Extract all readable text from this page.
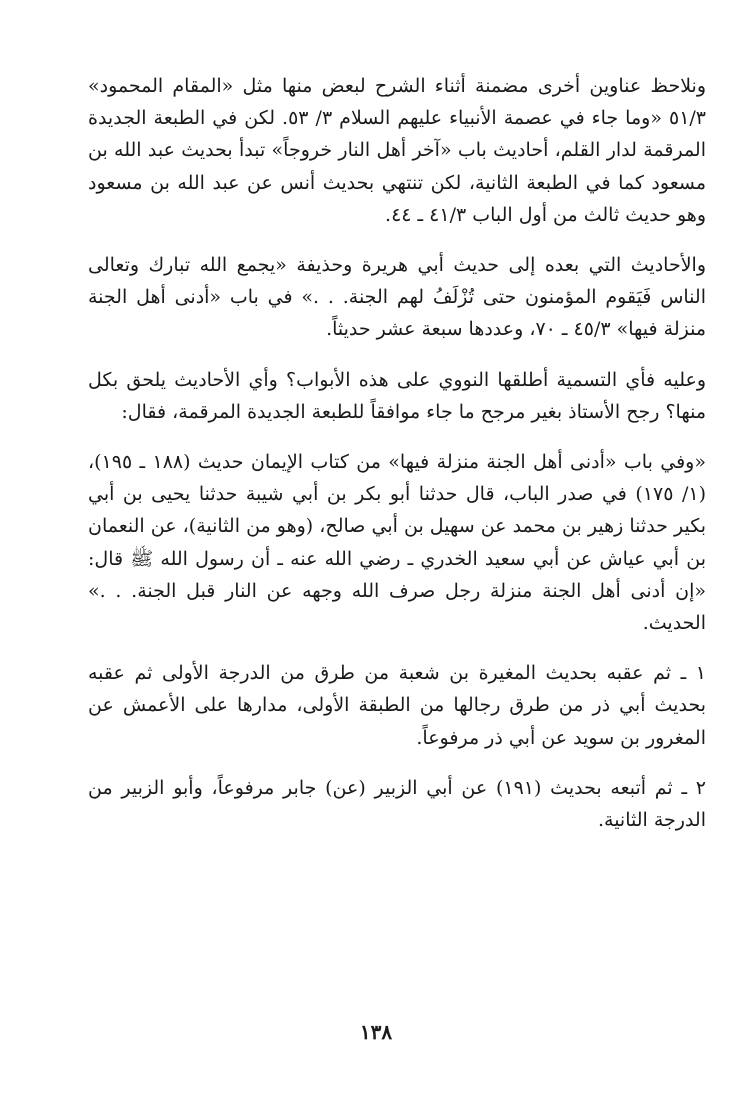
ونلاحظ عناوين أخرى مضمنة أثناء الشرح لبعض منها مثل «المقام المحمود» ٥١/٣ «وما جاء في عصمة الأنبياء عليهم السلام ٣/ ٥٣. لكن في الطبعة الجديدة المرقمة لدار القلم، أحاديث باب «آخر أهل النار خروجاً» تبدأ بحديث عبد الله بن مسعود كما في الطبعة الثانية، لكن تنتهي بحديث أنس عن عبد الله بن مسعود وهو حديث ثالث من أول الباب ٤١/٣ ـ ٤٤.

والأحاديث التي بعده إلى حديث أبي هريرة وحذيفة «يجمع الله تبارك وتعالى الناس فَيَقوم المؤمنون حتى تُزْلَفُ لهم الجنة. . .» في باب «أدنى أهل الجنة منزلة فيها» ٤٥/٣ ـ ٧٠، وعددها سبعة عشر حديثاً.

وعليه فأي التسمية أطلقها النووي على هذه الأبواب؟ وأي الأحاديث يلحق بكل منها؟ رجح الأستاذ بغير مرجح ما جاء موافقاً للطبعة الجديدة المرقمة، فقال:

«وفي باب «أدنى أهل الجنة منزلة فيها» من كتاب الإيمان حديث (١٨٨ ـ ١٩٥)، (١/ ١٧٥) في صدر الباب، قال حدثنا أبو بكر بن أبي شيبة حدثنا يحيى بن أبي بكير حدثنا زهير بن محمد عن سهيل بن أبي صالح، (وهو من الثانية)، عن النعمان بن أبي عياش عن أبي سعيد الخدري ـ رضي الله عنه ـ أن رسول الله ﷺ قال: «إن أدنى أهل الجنة منزلة رجل صرف الله وجهه عن النار قبل الجنة. . .» الحديث.

١ ـ ثم عقبه بحديث المغيرة بن شعبة من طرق من الدرجة الأولى ثم عقبه بحديث أبي ذر من طرق رجالها من الطبقة الأولى، مدارها على الأعمش عن المغرور بن سويد عن أبي ذر مرفوعاً.

٢ ـ ثم أتبعه بحديث (١٩١) عن أبي الزبير (عن) جابر مرفوعاً، وأبو الزبير من الدرجة الثانية.

١٣٨
